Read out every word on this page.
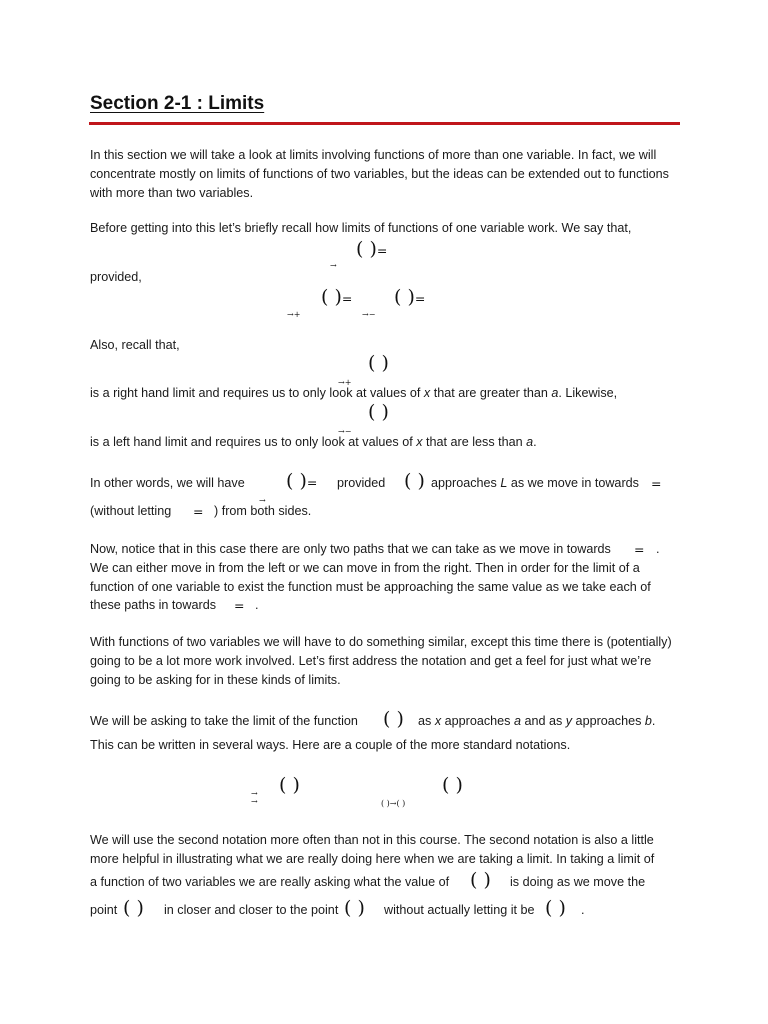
Section 2-1 : Limits
In this section we will take a look at limits involving functions of more than one variable. In fact, we will concentrate mostly on limits of functions of two variables, but the ideas can be extended out to functions with more than two variables.
Before getting into this let’s briefly recall how limits of functions of one variable work. We say that,
→
( )=
provided,
→+
( )=
→−
( )=
Also, recall that,
→+
( )
is a right hand limit and requires us to only look at values of x that are greater than a. Likewise,
→−
( )
is a left hand limit and requires us to only look at values of x that are less than a.
In other words, we will have
→
( )= provided ( ) approaches L as we move in towards =
(without letting = ) from both sides.
Now, notice that in this case there are only two paths that we can take as we move in towards = .
We can either move in from the left or we can move in from the right. Then in order for the limit of a
function of one variable to exist the function must be approaching the same value as we take each of
these paths in towards = .
With functions of two variables we will have to do something similar, except this time there is (potentially) going to be a lot more work involved. Let’s first address the notation and get a feel for just what we’re going to be asking for in these kinds of limits.
We will be asking to take the limit of the function ( ) as x approaches a and as y approaches b.
This can be written in several ways. Here are a couple of the more standard notations.
→
→
( )
( )→( )
( )
We will use the second notation more often than not in this course. The second notation is also a little
more helpful in illustrating what we are really doing here when we are taking a limit. In taking a limit of
a function of two variables we are really asking what the value of ( ) is doing as we move the
point ( ) in closer and closer to the point ( ) without actually letting it be ( ) .
